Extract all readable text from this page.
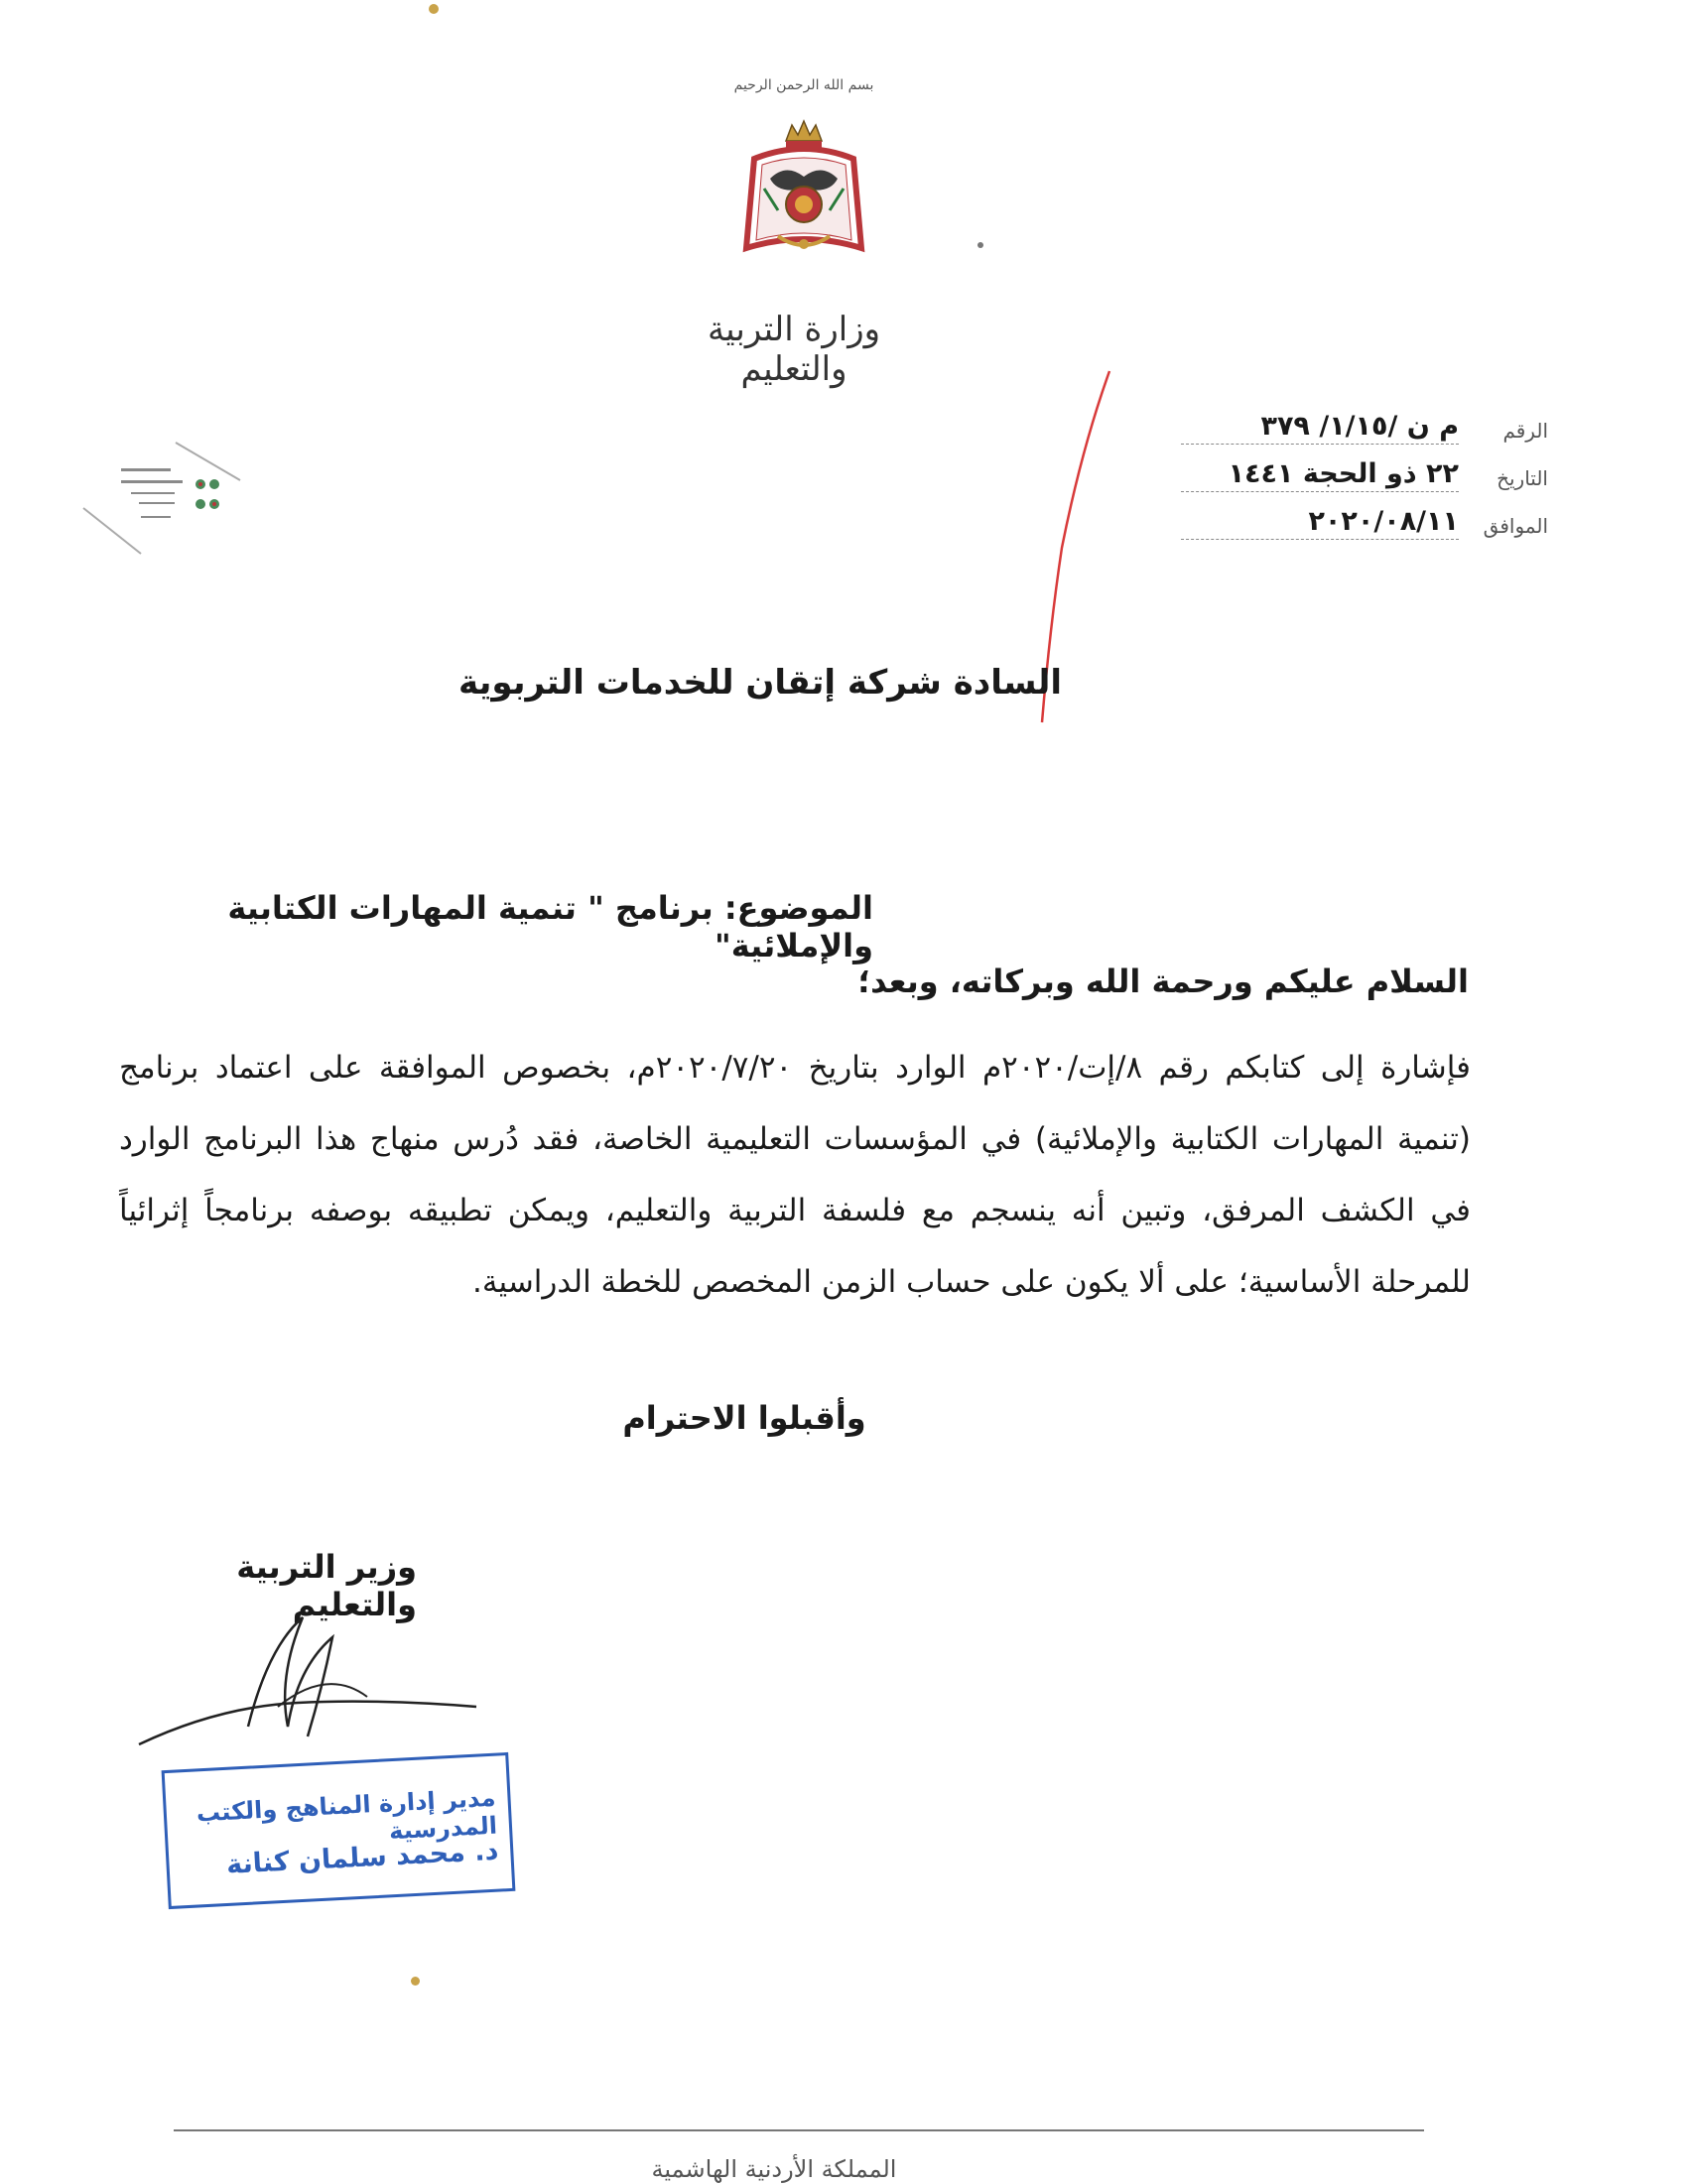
بسم الله الرحمن الرحيم
وزارة التربية والتعليم
الرقم
م ن /١/١٥/ ٣٧٩
التاريخ
٢٢ ذو الحجة ١٤٤١
الموافق
٢٠٢٠/٠٨/١١
السادة شركة إتقان للخدمات التربوية
الموضوع: برنامج " تنمية المهارات الكتابية والإملائية"
السلام عليكم ورحمة الله وبركاته، وبعد؛
فإشارة إلى كتابكم رقم ٨/إت/٢٠٢٠م الوارد بتاريخ ٢٠٢٠/٧/٢٠م، بخصوص الموافقة على اعتماد برنامج (تنمية المهارات الكتابية والإملائية) في المؤسسات التعليمية الخاصة، فقد دُرس منهاج هذا البرنامج الوارد في الكشف المرفق، وتبين أنه ينسجم مع فلسفة التربية والتعليم، ويمكن تطبيقه بوصفه برنامجاً إثرائياً للمرحلة الأساسية؛ على ألا يكون على حساب الزمن المخصص للخطة الدراسية.
وأقبلوا الاحترام
وزير التربية والتعليم
مدير إدارة المناهج والكتب المدرسية
د. محمد سلمان كنانة
المملكة الأردنية الهاشمية
